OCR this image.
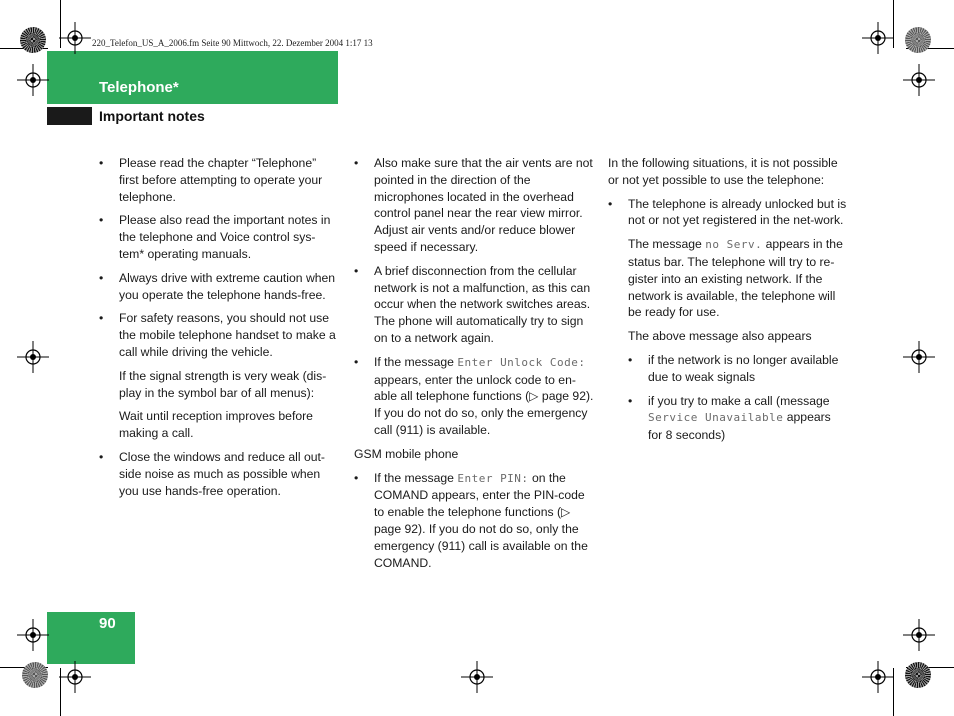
220_Telefon_US_A_2006.fm Seite 90 Mittwoch, 22. Dezember 2004 1:17 13
Telephone*
Important notes
90
• Please read the chapter “Telephone” first before attempting to operate your telephone.
• Please also read the important notes in the telephone and Voice control sys-tem* operating manuals.
• Always drive with extreme caution when you operate the telephone hands-free.
• For safety reasons, you should not use the mobile telephone handset to make a call while driving the vehicle.
If the signal strength is very weak (dis-play in the symbol bar of all menus):
Wait until reception improves before making a call.
• Close the windows and reduce all out-side noise as much as possible when you use hands-free operation.
• Also make sure that the air vents are not pointed in the direction of the microphones located in the overhead control panel near the rear view mirror. Adjust air vents and/or reduce blower speed if necessary.
• A brief disconnection from the cellular network is not a malfunction, as this can occur when the network switches areas. The phone will automatically try to sign on to a network again.
• If the message Enter Unlock Code: appears, enter the unlock code to en-able all telephone functions (▷ page 92). If you do not do so, only the emergency call (911) is available.

GSM mobile phone

• If the message Enter PIN: on the COMAND appears, enter the PIN-code to enable the telephone functions (▷ page 92). If you do not do so, only the emergency (911) call is available on the COMAND.

In the following situations, it is not possible or not yet possible to use the telephone:

• The telephone is already unlocked but is not or not yet registered in the net-work.
The message no Serv. appears in the status bar. The telephone will try to re-gister into an existing network. If the network is available, the telephone will be ready for use.
The above message also appears
• if the network is no longer available due to weak signals
• if you try to make a call (message Service Unavailable appears for 8 seconds)
